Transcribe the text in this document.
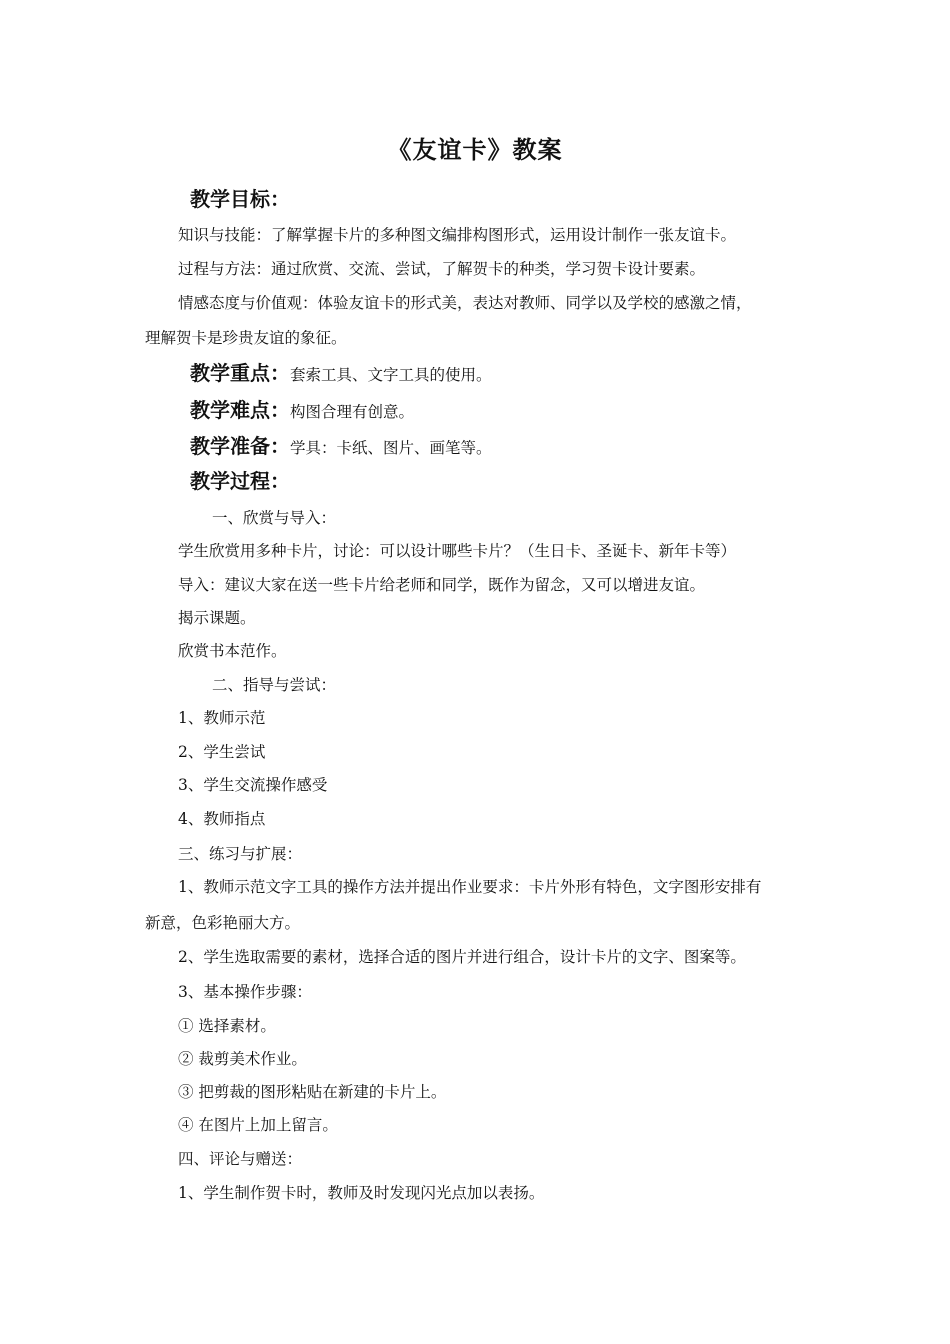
《友谊卡》教案
教学目标：
知识与技能：了解掌握卡片的多种图文编排构图形式，运用设计制作一张友谊卡。
过程与方法：通过欣赏、交流、尝试，了解贺卡的种类，学习贺卡设计要素。
情感态度与价值观：体验友谊卡的形式美，表达对教师、同学以及学校的感激之情，
理解贺卡是珍贵友谊的象征。
教学重点：套索工具、文字工具的使用。
教学难点：构图合理有创意。
教学准备：学具：卡纸、图片、画笔等。
教学过程：
一、欣赏与导入：
学生欣赏用多种卡片，讨论：可以设计哪些卡片？（生日卡、圣诞卡、新年卡等）
导入：建议大家在送一些卡片给老师和同学，既作为留念，又可以增进友谊。
揭示课题。
欣赏书本范作。
二、指导与尝试：
1、教师示范
2、学生尝试
3、学生交流操作感受
4、教师指点
三、练习与扩展：
1、教师示范文字工具的操作方法并提出作业要求：卡片外形有特色，文字图形安排有
新意，色彩艳丽大方。
2、学生选取需要的素材，选择合适的图片并进行组合，设计卡片的文字、图案等。
3、基本操作步骤：
① 选择素材。
② 裁剪美术作业。
③ 把剪裁的图形粘贴在新建的卡片上。
④ 在图片上加上留言。
四、评论与赠送：
1、学生制作贺卡时，教师及时发现闪光点加以表扬。
